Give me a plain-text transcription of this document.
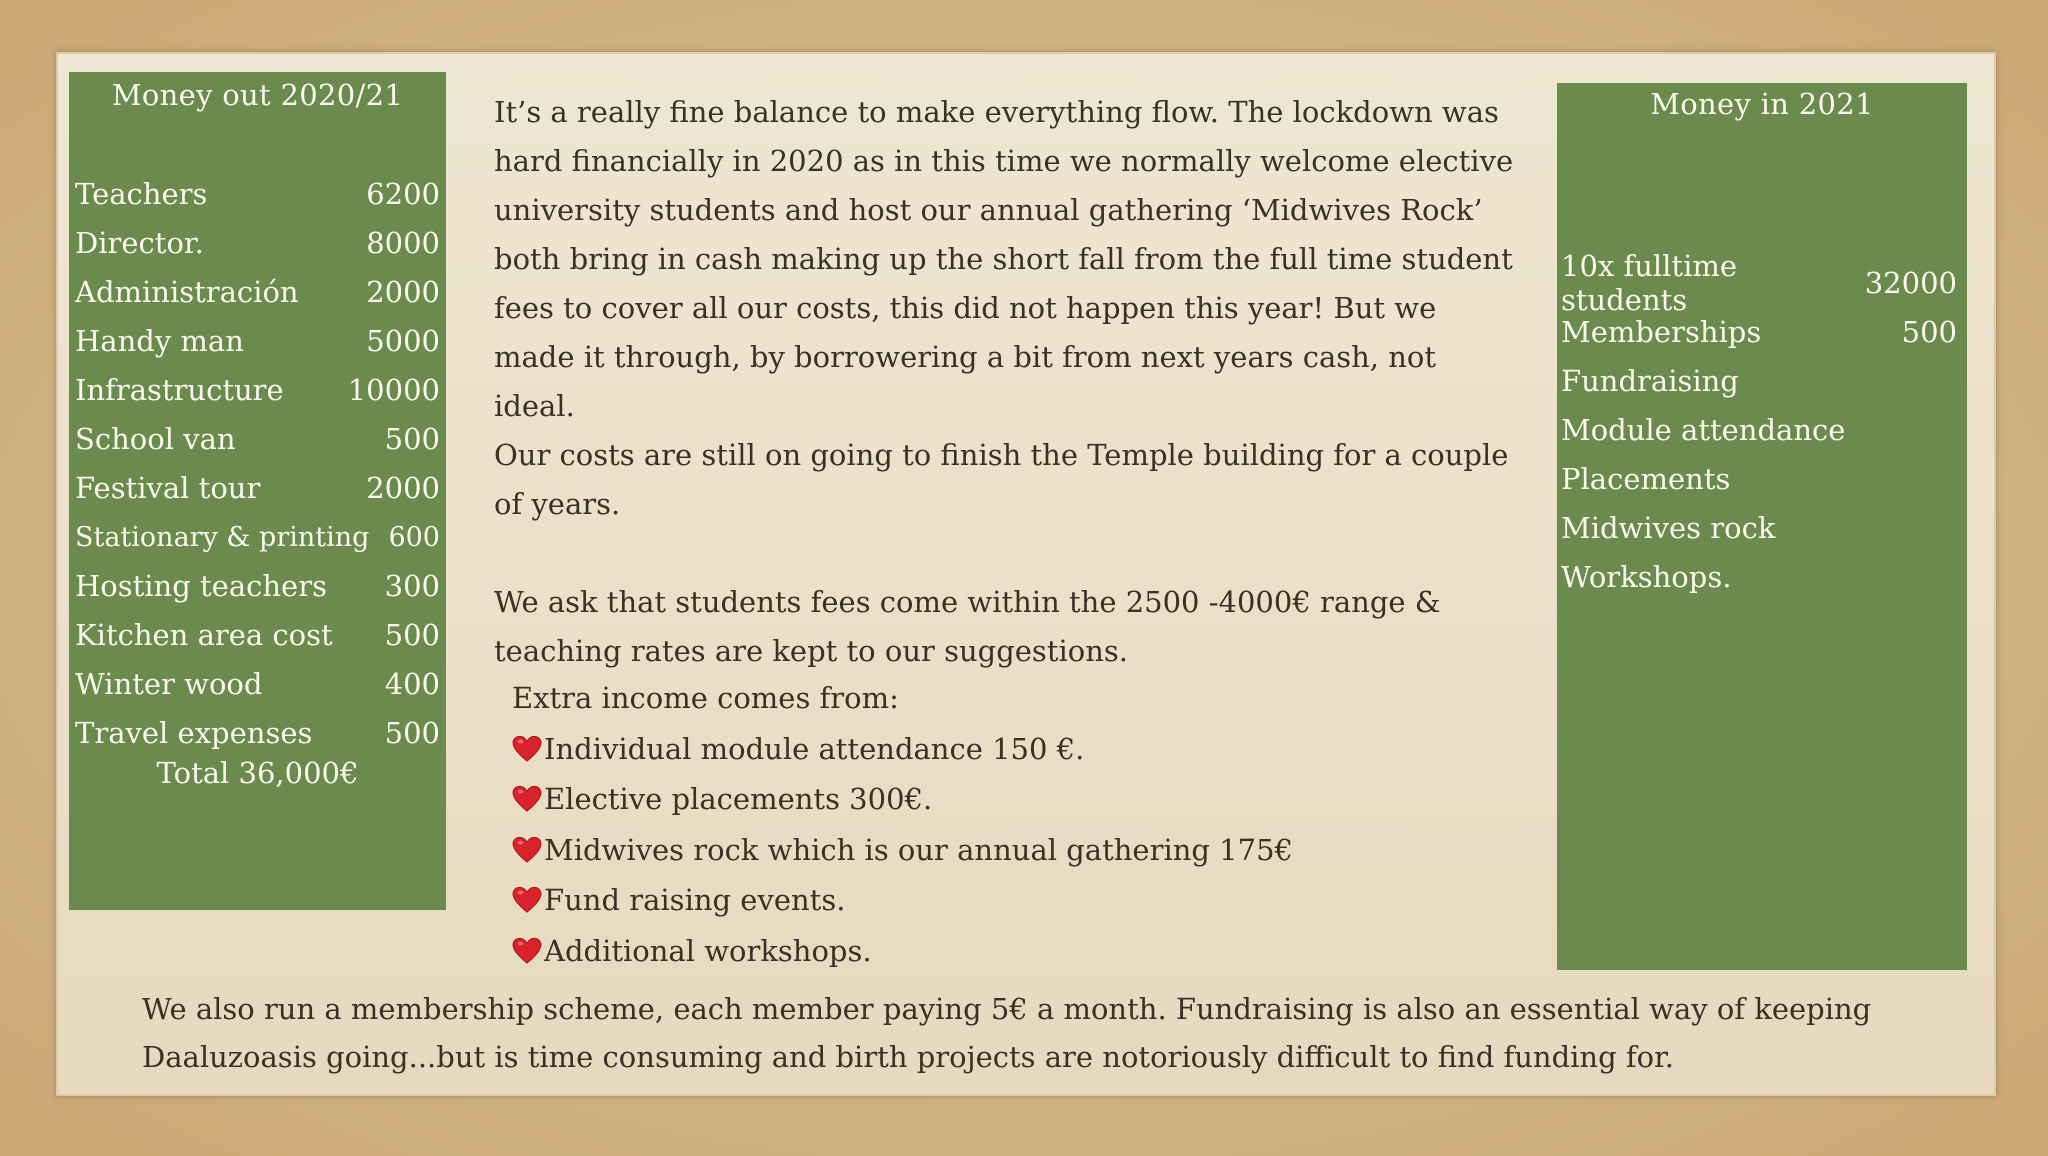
Money out 2020/21
Teachers	6200
Director.	8000
Administración 2000
Handy man	5000
Infrastructure 10000
School van	500
Festival tour	2000
Stationary & printing 600
Hosting teachers 300
Kitchen area cost 500
Winter wood	400
Travel expenses 500
Total 36,000€

It’s a really fine balance to make everything flow. The lockdown was hard financially in 2020 as in this time we normally welcome elective university students and host our annual gathering ‘Midwives Rock’ both bring in cash making up the short fall from the full time student fees to cover all our costs, this did not happen this year! But we made it through, by borrowering a bit from next years cash, not ideal.

Our costs are still on going to finish the Temple building for a couple of years.

We ask that students fees come within the 2500 -4000€ range & teaching rates are kept to our suggestions.

Extra income comes from:
Individual module attendance 150 €.
Elective placements 300€.
Midwives rock which is our annual gathering 175€
Fund raising events.
Additional workshops.
Money in 2021
10x fulltime students	32000
Memberships	500
Fundraising
Module attendance
Placements
Midwives rock
Workshops.
We also run a membership scheme, each member paying 5€ a month. Fundraising is also an essential way of keeping Daaluzoasis going...but is time consuming and birth projects are notoriously difficult to find funding for.
